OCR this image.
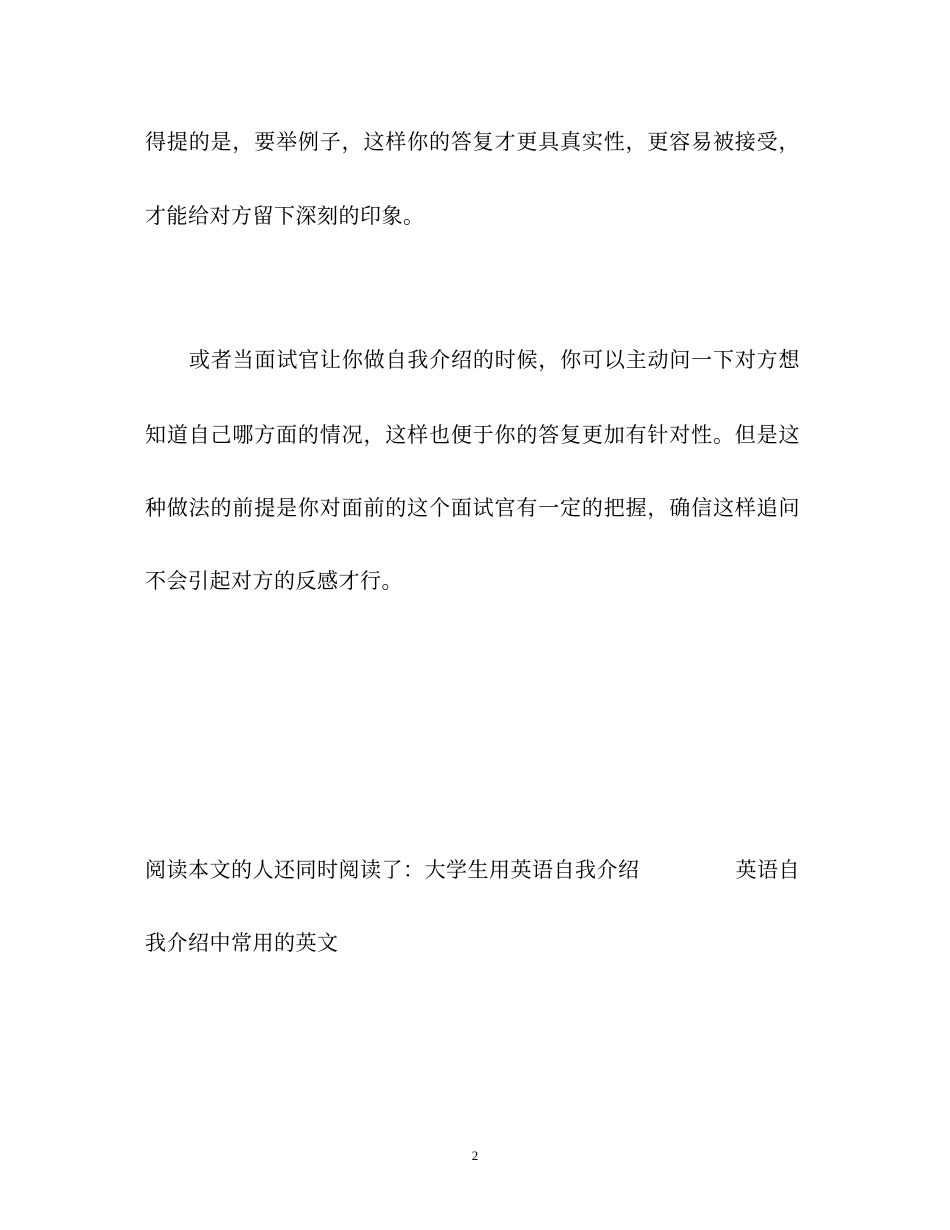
得提的是，要举例子，这样你的答复才更具真实性，更容易被接受，
才能给对方留下深刻的印象。
或者当面试官让你做自我介绍的时候，你可以主动问一下对方想
知道自己哪方面的情况，这样也便于你的答复更加有针对性。但是这
种做法的前提是你对面前的这个面试官有一定的把握，确信这样追问
不会引起对方的反感才行。
阅读本文的人还同时阅读了：大学生用英语自我介绍	英语自
我介绍中常用的英文
2
